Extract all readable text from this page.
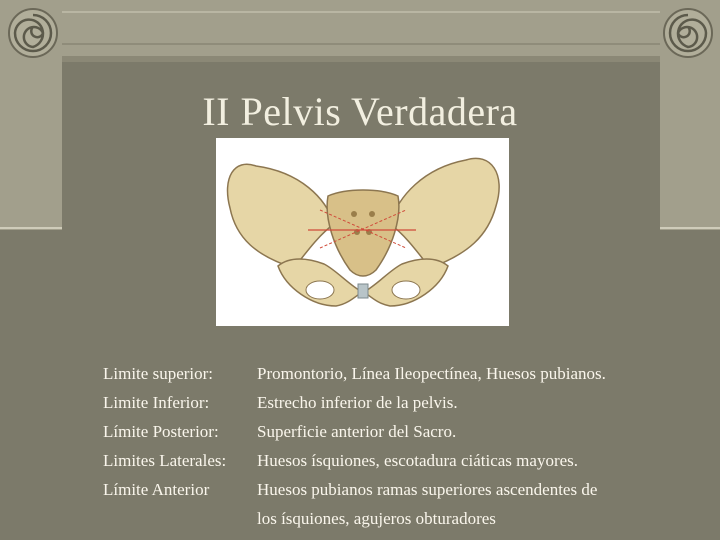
II Pelvis Verdadera
Limite superior:	Promontorio, Línea Ileopectínea, Huesos pubianos.
Limite Inferior:	Estrecho inferior de la pelvis.
Límite Posterior: Superficie anterior del Sacro.
Limites Laterales: Huesos ísquiones, escotadura ciáticas mayores.
Límite Anterior	Huesos pubianos ramas superiores ascendentes de
los ísquiones, agujeros obturadores
